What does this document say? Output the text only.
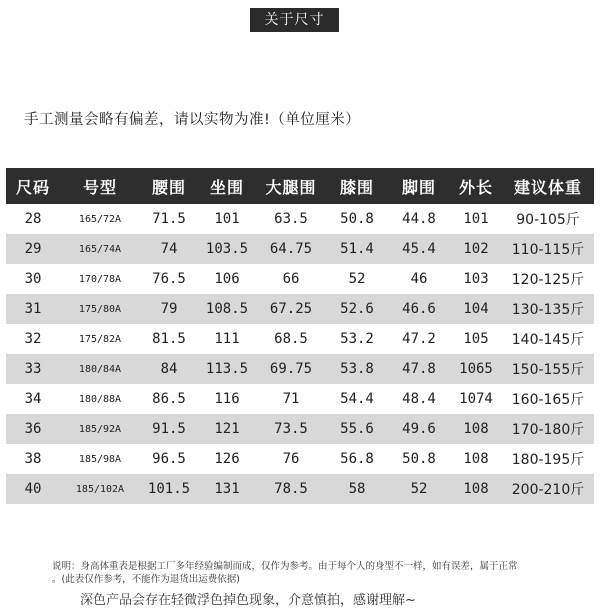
关于尺寸
手工测量会略有偏差，请以实物为准!（单位厘米）
尺码	号型	腰围	坐围	大腿围	膝围	脚围	外长	建议体重
28	165/72A	71.5	101	63.5	50.8	44.8	101	90-105斤
29	165/74A	74	103.5	64.75	51.4	45.4	102	110-115斤
30	170/78A	76.5	106	66	52	46	103	120-125斤
31	175/80A	79	108.5	67.25	52.6	46.6	104	130-135斤
32	175/82A	81.5	111	68.5	53.2	47.2	105	140-145斤
33	180/84A	84	113.5	69.75	53.8	47.8	1065	150-155斤
34	180/88A	86.5	116	71	54.4	48.4	1074	160-165斤
36	185/92A	91.5	121	73.5	55.6	49.6	108	170-180斤
38	185/98A	96.5	126	76	56.8	50.8	108	180-195斤
40	185/102A	101.5	131	78.5	58	52	108	200-210斤
说明：身高体重表是根据工厂多年经验编制而成，仅作为参考。由于每个人的身型不一样，如有误差，属于正常
。(此表仅作参考，不能作为退货出运费依据)
深色产品会存在轻微浮色掉色现象，介意慎拍，感谢理解~
